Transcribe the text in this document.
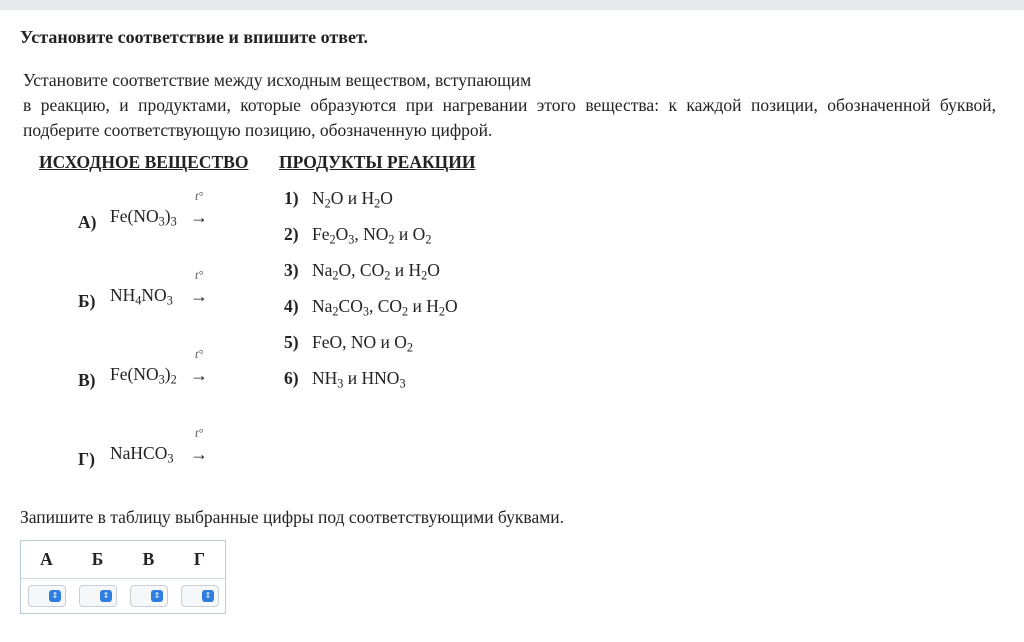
Установите соответствие и впишите ответ.
Установите соответствие между исходным веществом, вступающим
в реакцию, и продуктами, которые образуются при нагревании этого вещества: к каждой позиции, обозначенной буквой, подберите соответствующую позицию, обозначенную цифрой.
ИСХОДНОЕ ВЕЩЕСТВО ПРОДУКТЫ РЕАКЦИИ
А) $Fe(NO_3)_3$
t°
→
Б) $NH_4NO_3$
t°
→
В) $Fe(NO_3)_2$
t°
→
Г) NaHCO$_3$
t°
→
1) $N_2O$ и $H_2O$
2) $Fe_2O_3$, $NO_2$ и $O_2$
3) $Na_2O$, $CO_2$ и $H_2O$
4) $Na_2CO_3$, $CO_2$ и $H_2O$
5) FeO, NO и $O_2$
6) $NH_3$ и $HNO_3$
Запишите в таблицу выбранные цифры под соответствующими буквами.
А	Б	В	Г
⇕	⇕	⇕	⇕
